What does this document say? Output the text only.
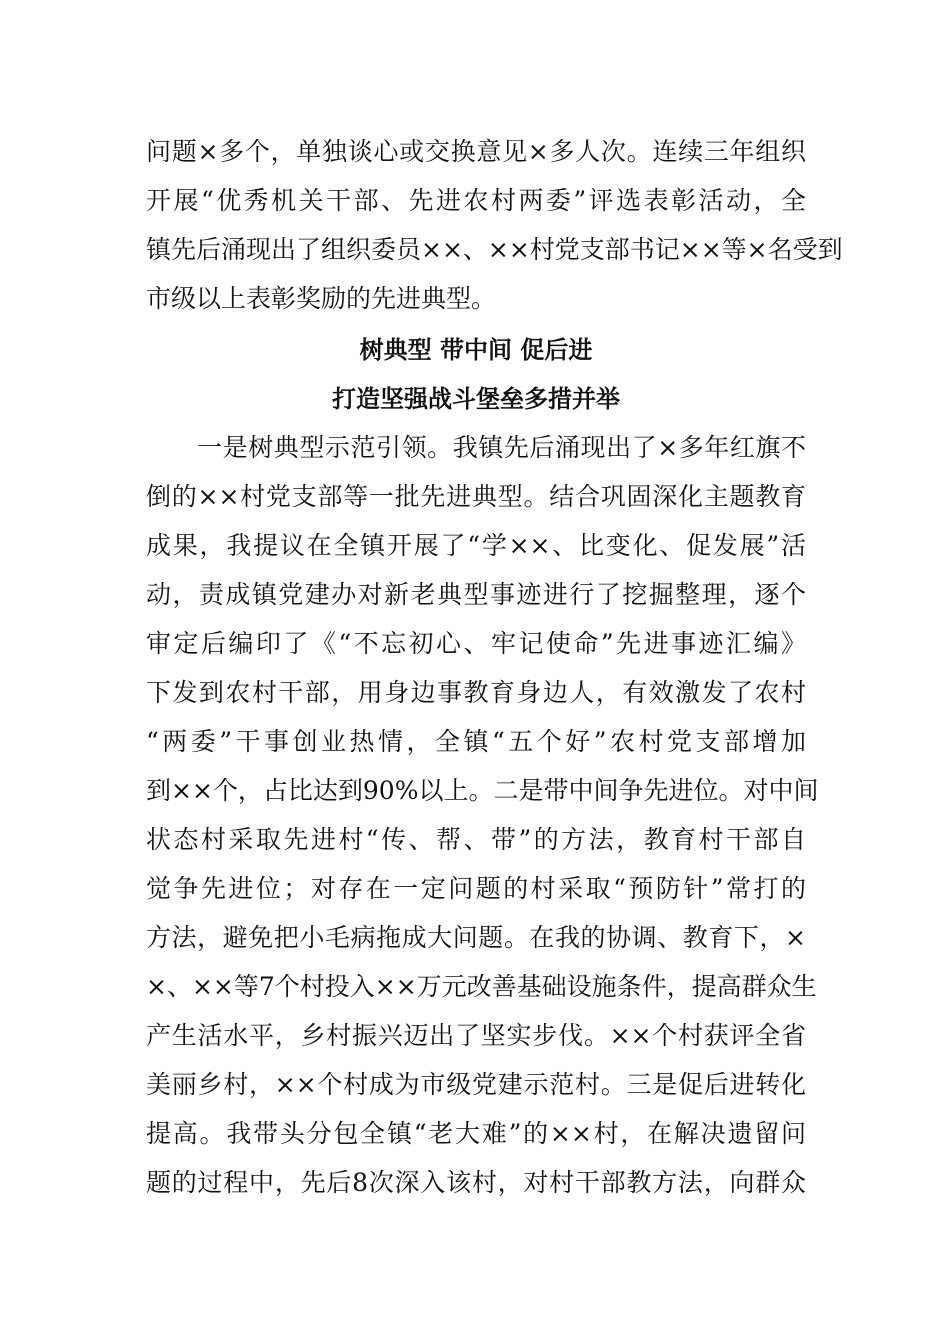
问题×多个，单独谈心或交换意见×多人次。连续三年组织
开展“优秀机关干部、先进农村两委”评选表彰活动，全
镇先后涌现出了组织委员××、××村党支部书记××等×名受到
市级以上表彰奖励的先进典型。
树典型 带中间 促后进
打造坚强战斗堡垒多措并举
　　一是树典型示范引领。我镇先后涌现出了×多年红旗不
倒的××村党支部等一批先进典型。结合巩固深化主题教育
成果，我提议在全镇开展了“学××、比变化、促发展”活
动，责成镇党建办对新老典型事迹进行了挖掘整理，逐个
审定后编印了《“不忘初心、牢记使命”先进事迹汇编》
下发到农村干部，用身边事教育身边人，有效激发了农村
“两委”干事创业热情，全镇“五个好”农村党支部增加
到××个，占比达到90%以上。二是带中间争先进位。对中间
状态村采取先进村“传、帮、带”的方法，教育村干部自
觉争先进位；对存在一定问题的村采取“预防针”常打的
方法，避免把小毛病拖成大问题。在我的协调、教育下，×
×、××等7个村投入××万元改善基础设施条件，提高群众生
产生活水平，乡村振兴迈出了坚实步伐。××个村获评全省
美丽乡村，××个村成为市级党建示范村。三是促后进转化
提高。我带头分包全镇“老大难”的××村，在解决遗留问
题的过程中，先后8次深入该村，对村干部教方法，向群众
